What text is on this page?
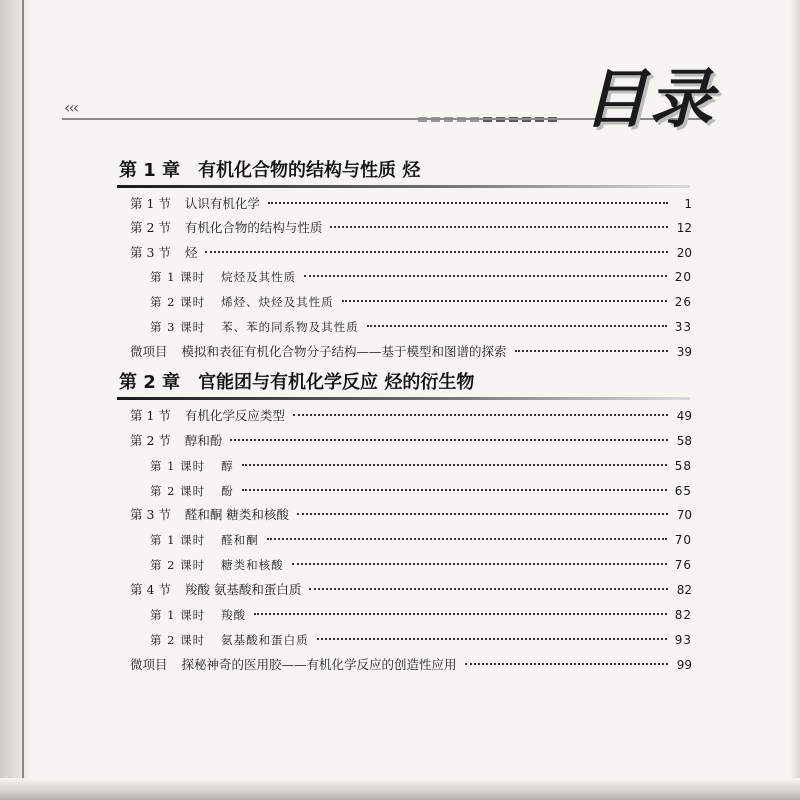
‹‹‹	目录
第 1 章 有机化合物的结构与性质 烃
第 1 节 认识有机化学	1
第 2 节 有机化合物的结构与性质	12
第 3 节 烃	20
第 1 课时 烷烃及其性质	20
第 2 课时 烯烃、炔烃及其性质	26
第 3 课时 苯、苯的同系物及其性质	33
微项目 模拟和表征有机化合物分子结构——基于模型和图谱的探索	39
第 2 章 官能团与有机化学反应 烃的衍生物
第 1 节 有机化学反应类型	49
第 2 节 醇和酚	58
第 1 课时 醇	58
第 2 课时 酚	65
第 3 节 醛和酮 糖类和核酸	70
第 1 课时 醛和酮	70
第 2 课时 糖类和核酸	76
第 4 节 羧酸 氨基酸和蛋白质	82
第 1 课时 羧酸	82
第 2 课时 氨基酸和蛋白质	93
微项目 探秘神奇的医用胶——有机化学反应的创造性应用	99
